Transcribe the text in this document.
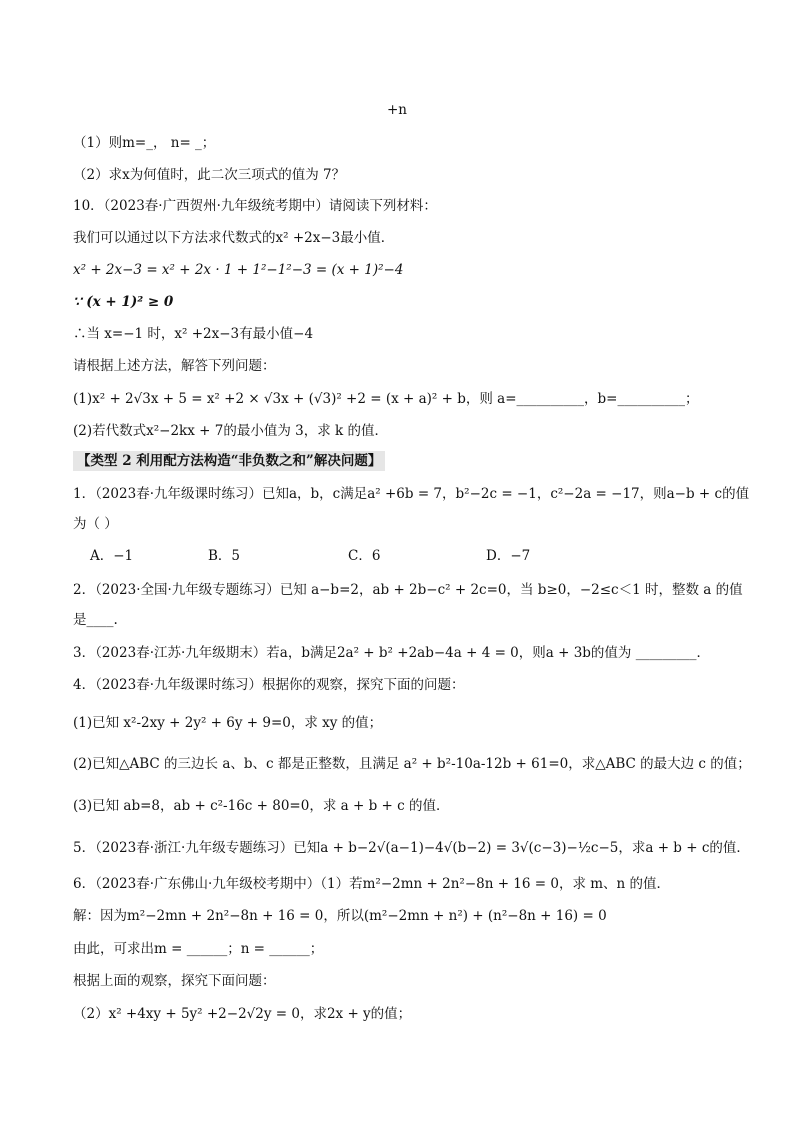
+n
（1）则m=_， n= _；
（2）求x为何值时，此二次三项式的值为 7？
10．（2023春·广西贺州·九年级统考期中）请阅读下列材料：
我们可以通过以下方法求代数式的x² +2x−3最小值．
x² + 2x−3 = x² + 2x · 1 + 1²−1²−3 = (x + 1)²−4
∵ (x + 1)² ≥ 0
∴当 x=−1 时，x² +2x−3有最小值−4
请根据上述方法，解答下列问题：
(1)x² + 2√3x + 5 = x² +2 × √3x + (√3)² +2 = (x + a)² + b，则 a=__________，b=__________；
(2)若代数式x²−2kx + 7的最小值为 3，求 k 的值．
【类型 2 利用配方法构造“非负数之和”解决问题】
1．（2023春·九年级课时练习）已知a，b，c满足a² +6b = 7，b²−2c = −1，c²−2a = −17，则a−b + c的值
为（ ）
A．−1	B．5	C．6	D．−7
2．（2023·全国·九年级专题练习）已知 a−b=2，ab + 2b−c² + 2c=0，当 b≥0，−2≤c＜1 时，整数 a 的值
是____.
3．（2023春·江苏·九年级期末）若a，b满足2a² + b² +2ab−4a + 4 = 0，则a + 3b的值为 _________．
4．（2023春·九年级课时练习）根据你的观察，探究下面的问题：
(1)已知 x²-2xy + 2y² + 6y + 9=0，求 xy 的值；
(2)已知△ABC 的三边长 a、b、c 都是正整数，且满足 a² + b²-10a-12b + 61=0，求△ABC 的最大边 c 的值；
(3)已知 ab=8，ab + c²-16c + 80=0，求 a + b + c 的值．
5．（2023春·浙江·九年级专题练习）已知a + b−2√(a−1)−4√(b−2) = 3√(c−3)−½c−5，求a + b + c的值．
6．（2023春·广东佛山·九年级校考期中）（1）若m²−2mn + 2n²−8n + 16 = 0，求 m、n 的值．
解：因为m²−2mn + 2n²−8n + 16 = 0，所以(m²−2mn + n²) + (n²−8n + 16) = 0
由此，可求出m = ______；n = ______；
根据上面的观察，探究下面问题：
（2）x² +4xy + 5y² +2−2√2y = 0，求2x + y的值；
